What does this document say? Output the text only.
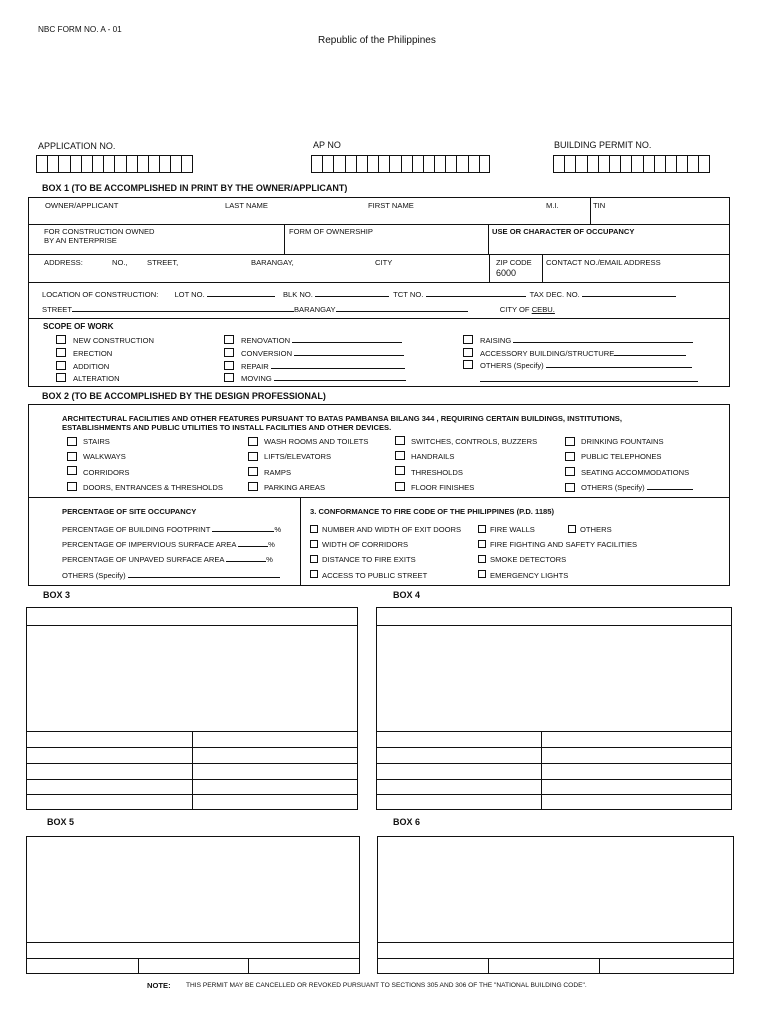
NBC FORM NO. A - 01
Republic of the Philippines
APPLICATION NO.	AP NO	BUILDING PERMIT NO.
BOX 1 (TO BE ACCOMPLISHED IN PRINT BY THE OWNER/APPLICANT)
OWNER/APPLICANT	LAST NAME	FIRST NAME	M.I.	TIN
FOR CONSTRUCTION OWNED
BY AN ENTERPRISE
FORM OF OWNERSHIP	USE OR CHARACTER OF OCCUPANCY
ADDRESS:	NO.,	STREET,	BARANGAY,	CITY	ZIP CODE
6000
CONTACT NO./EMAIL ADDRESS
LOCATION OF CONSTRUCTION: LOT NO.	BLK NO.	TCT NO.	TAX DEC. NO.
STREET	BARANGAY	CITY OF CEBU.
SCOPE OF WORK
NEW CONSTRUCTION
ERECTION
ADDITION
ALTERATION
RENOVATION
CONVERSION
REPAIR
MOVING
RAISING
ACCESSORY BUILDING/STRUCTURE
OTHERS (Specify)
BOX 2 (TO BE ACCOMPLISHED BY THE DESIGN PROFESSIONAL)
ARCHITECTURAL FACILITIES AND OTHER FEATURES PURSUANT TO BATAS PAMBANSA BILANG 344 , REQUIRING CERTAIN BUILDINGS, INSTITUTIONS,
ESTABLISHMENTS AND PUBLIC UTILITIES TO INSTALL FACILITIES AND OTHER DEVICES.
STAIRS
WALKWAYS
CORRIDORS
DOORS, ENTRANCES & THRESHOLDS
WASH ROOMS AND TOILETS
LIFTS/ELEVATORS
RAMPS
PARKING AREAS
SWITCHES, CONTROLS, BUZZERS
HANDRAILS
THRESHOLDS
FLOOR FINISHES
DRINKING FOUNTAINS
PUBLIC TELEPHONES
SEATING ACCOMMODATIONS
OTHERS (Specify)
PERCENTAGE OF SITE OCCUPANCY
PERCENTAGE OF BUILDING FOOTPRINT	%
PERCENTAGE OF IMPERVIOUS SURFACE AREA	%
PERCENTAGE OF UNPAVED SURFACE AREA	%
OTHERS (Specify)
3. CONFORMANCE TO FIRE CODE OF THE PHILIPPINES (P.D. 1185)
NUMBER AND WIDTH OF EXIT DOORS
WIDTH OF CORRIDORS
DISTANCE TO FIRE EXITS
ACCESS TO PUBLIC STREET
FIRE WALLS
FIRE FIGHTING AND SAFETY FACILITIES
SMOKE DETECTORS
EMERGENCY LIGHTS
OTHERS
BOX 3	BOX 4
BOX 5	BOX 6
NOTE: THIS PERMIT MAY BE CANCELLED OR REVOKED PURSUANT TO SECTIONS 305 AND 306 OF THE "NATIONAL BUILDING CODE".
